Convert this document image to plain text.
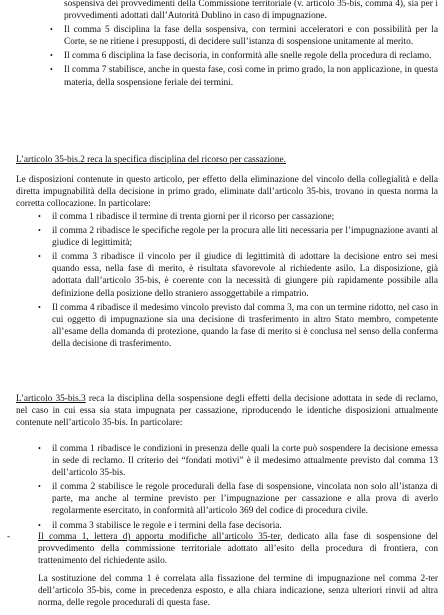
sospensiva dei provvedimenti della Commissione territoriale (v. articolo 35-bis, comma 4), sia per i provvedimenti adottati dall’Autorità Dublino in caso di impugnazione.
• Il comma 5 disciplina la fase della sospensiva, con termini acceleratori e con possibilità per la Corte, se ne ritiene i presupposti, di decidere sull’istanza di sospensione unitamente al merito.
• Il comma 6 disciplina la fase decisoria, in conformità alle snelle regole della procedura di reclamo.
• Il comma 7 stabilisce, anche in questa fase, così come in primo grado, la non applicazione, in questa materia, della sospensione feriale dei termini.

L’articolo 35-bis.2 reca la specifica disciplina del ricorso per cassazione.

Le disposizioni contenute in questo articolo, per effetto della eliminazione del vincolo della collegialità e della diretta impugnabilità della decisione in primo grado, eliminate dall’articolo 35-bis, trovano in questa norma la corretta collocazione. In particolare:

• il comma 1 ribadisce il termine di trenta giorni per il ricorso per cassazione;
• il comma 2 ribadisce le specifiche regole per la procura alle liti necessaria per l’impugnazione avanti al giudice di legittimità;
• il comma 3 ribadisce il vincolo per il giudice di legittimità di adottare la decisione entro sei mesi quando essa, nella fase di merito, è risultata sfavorevole al richiedente asilo. La disposizione, già adottata dall’articolo 35-bis, è coerente con la necessità di giungere più rapidamente possibile alla definizione della posizione dello straniero assoggettabile a rimpatrio.
• Il comma 4 ribadisce il medesimo vincolo previsto dal comma 3, ma con un termine ridotto, nel caso in cui oggetto di impugnazione sia una decisione di trasferimento in altro Stato membro, competente all’esame della domanda di protezione, quando la fase di merito si è conclusa nel senso della conferma della decisione di trasferimento.

L’articolo 35-bis.3 reca la disciplina della sospensione degli effetti della decisione adottata in sede di reclamo, nel caso in cui essa sia stata impugnata per cassazione, riproducendo le identiche disposizioni attualmente contenute nell’articolo 35-bis. In particolare:

• il comma 1 ribadisce le condizioni in presenza delle quali la corte può sospendere la decisione emessa in sede di reclamo. Il criterio dei “fondati motivi” è il medesimo attualmente previsto dal comma 13 dell’articolo 35-bis.
• il comma 2 stabilisce le regole procedurali della fase di sospensione, vincolata non solo all’istanza di parte, ma anche al termine previsto per l’impugnazione per cassazione e alla prova di averlo regolarmente esercitato, in conformità all’articolo 369 del codice di procedura civile.
• il comma 3 stabilisce le regole e i termini della fase decisoria.
-	Il comma 1, lettera d) apporta modifiche all’articolo 35-ter, dedicato alla fase di sospensione del provvedimento della commissione territoriale adottato all’esito della procedura di frontiera, con trattenimento del richiedente asilo.

La sostituzione del comma 1 è correlata alla fissazione del termine di impugnazione nel comma 2-ter dell’articolo 35-bis, come in precedenza esposto, e alla chiara indicazione, senza ulteriori rinvii ad altra norma, delle regole procedurali di questa fase.
